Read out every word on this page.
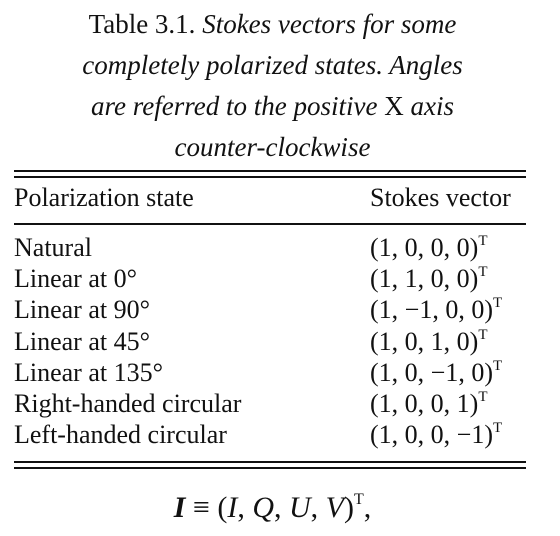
Table 3.1. Stokes vectors for some
completely polarized states. Angles
are referred to the positive X axis
counter-clockwise
Polarization state	Stokes vector
Natural	(1, 0, 0, 0)$^T$
Linear at 0°	(1, 1, 0, 0)$^T$
Linear at 90°	(1, −1, 0, 0)$^T$
Linear at 45°	(1, 0, 1, 0)$^T$
Linear at 135°	(1, 0, −1, 0)$^T$
Right-handed circular	(1, 0, 0, 1)$^T$
Left-handed circular	(1, 0, 0, −1)$^T$
I ≡ (I, Q, U, V)$^T$,
